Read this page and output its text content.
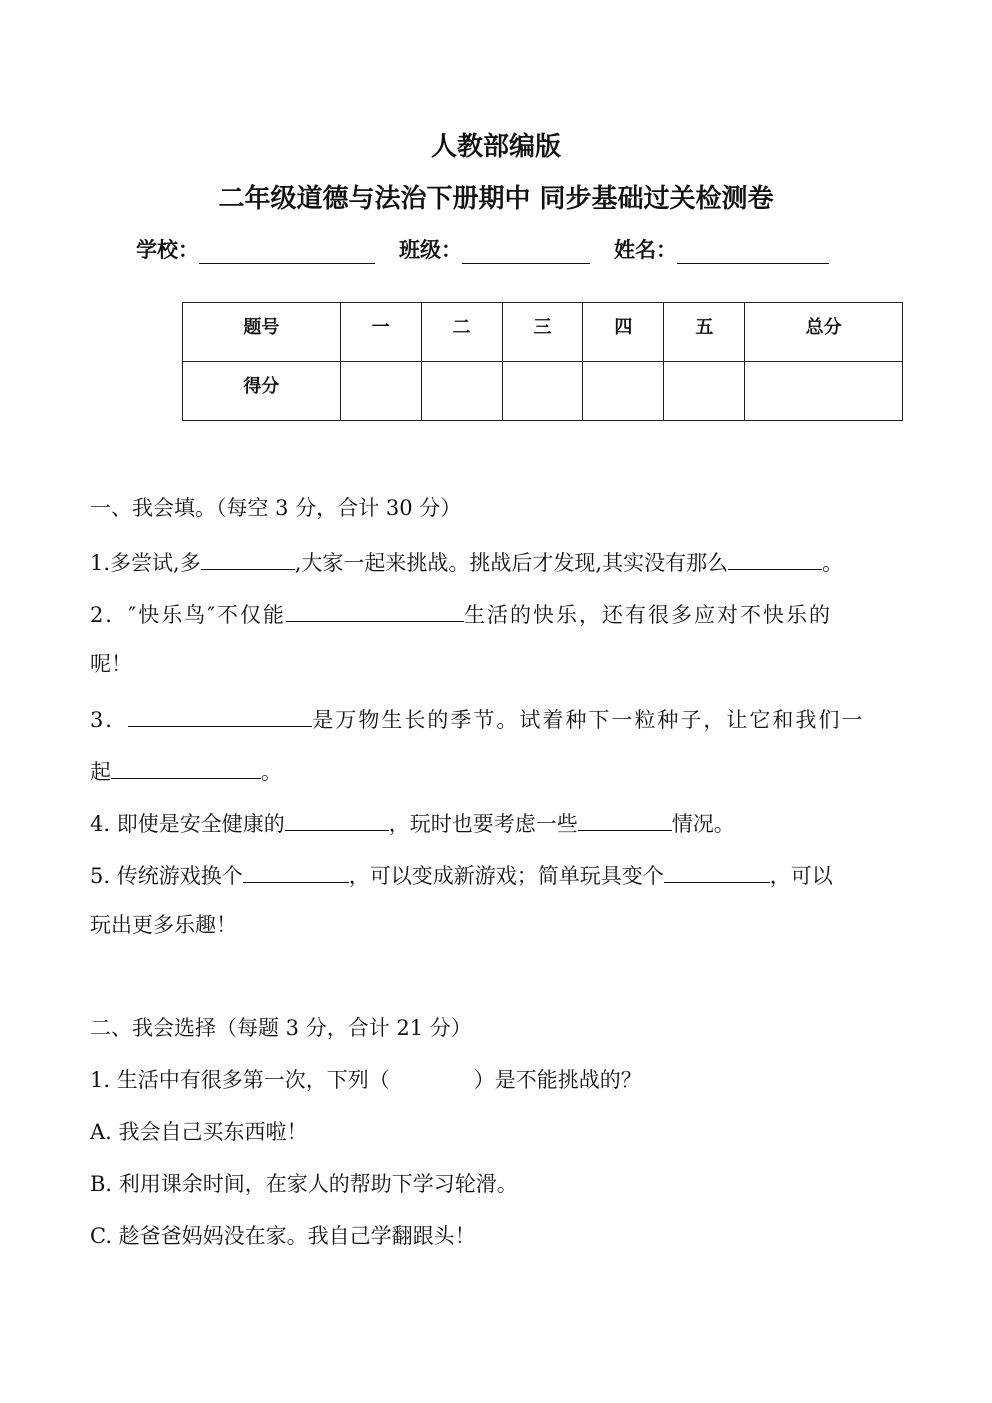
人教部编版
二年级道德与法治下册期中 同步基础过关检测卷
学校：	班级：	姓名：
题号	一	二	三	四	五	总分
得分						
一、我会填。（每空 3 分，合计 30 分）
1.多尝试,多	,大家一起来挑战。挑战后才发现,其实没有那么	。
2．″快乐鸟″不仅能	生活的快乐，还有很多应对不快乐的
呢！
3．	是万物生长的季节。试着种下一粒种子，让它和我们一
起	。
4. 即使是安全健康的	，玩时也要考虑一些	情况。
5. 传统游戏换个	，可以变成新游戏；简单玩具变个	，可以
玩出更多乐趣！
二、我会选择（每题 3 分，合计 21 分）
1. 生活中有很多第一次，下列（　　　　）是不能挑战的？
A. 我会自己买东西啦！
B. 利用课余时间，在家人的帮助下学习轮滑。
C. 趁爸爸妈妈没在家。我自己学翻跟头！
